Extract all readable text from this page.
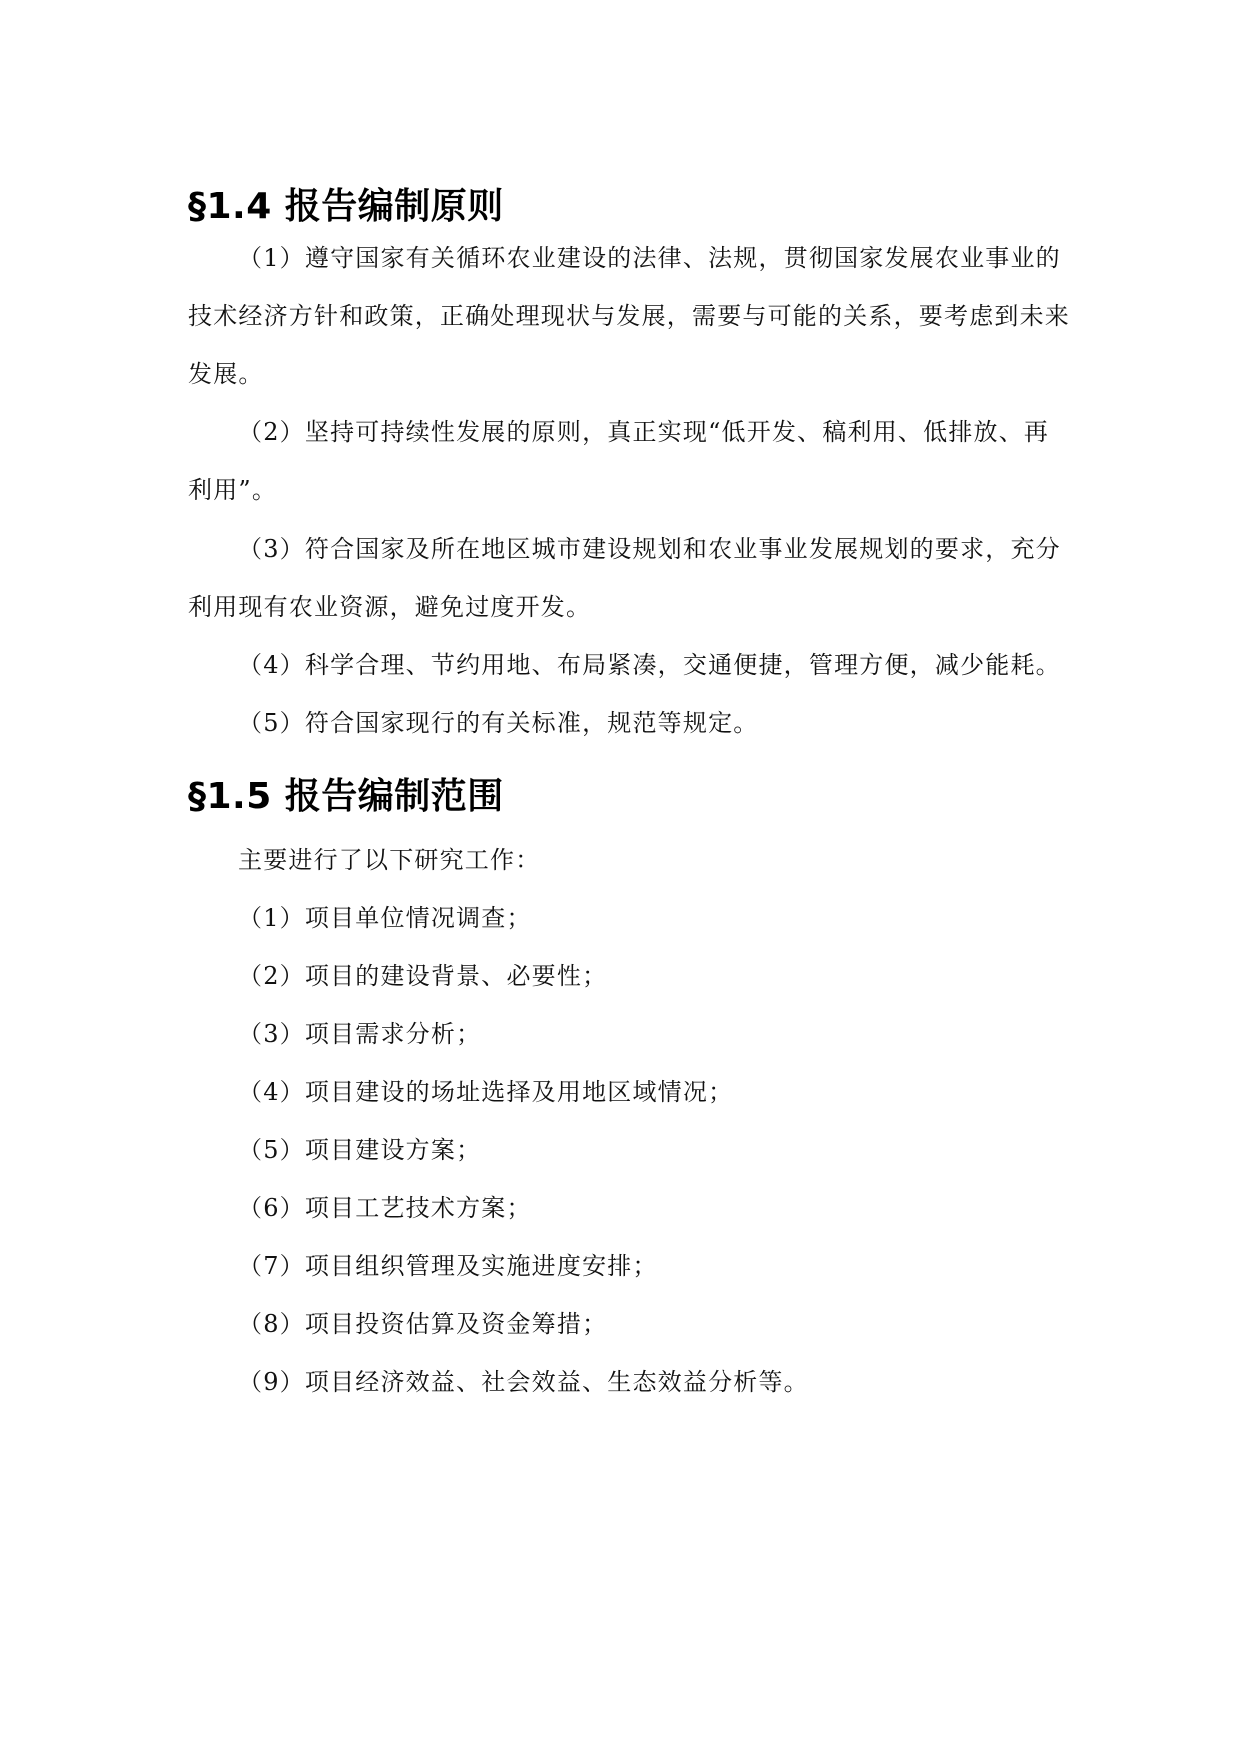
§1.4 报告编制原则
（1）遵守国家有关循环农业建设的法律、法规，贯彻国家发展农业事业的
技术经济方针和政策，正确处理现状与发展，需要与可能的关系，要考虑到未来
发展。
（2）坚持可持续性发展的原则，真正实现“低开发、稿利用、低排放、再
利用”。
（3）符合国家及所在地区城市建设规划和农业事业发展规划的要求，充分
利用现有农业资源，避免过度开发。
（4）科学合理、节约用地、布局紧凑，交通便捷，管理方便，减少能耗。
（5）符合国家现行的有关标准，规范等规定。
§1.5 报告编制范围
主要进行了以下研究工作：
（1）项目单位情况调查；
（2）项目的建设背景、必要性；
（3）项目需求分析；
（4）项目建设的场址选择及用地区域情况；
（5）项目建设方案；
（6）项目工艺技术方案；
（7）项目组织管理及实施进度安排；
（8）项目投资估算及资金筹措；
（9）项目经济效益、社会效益、生态效益分析等。
